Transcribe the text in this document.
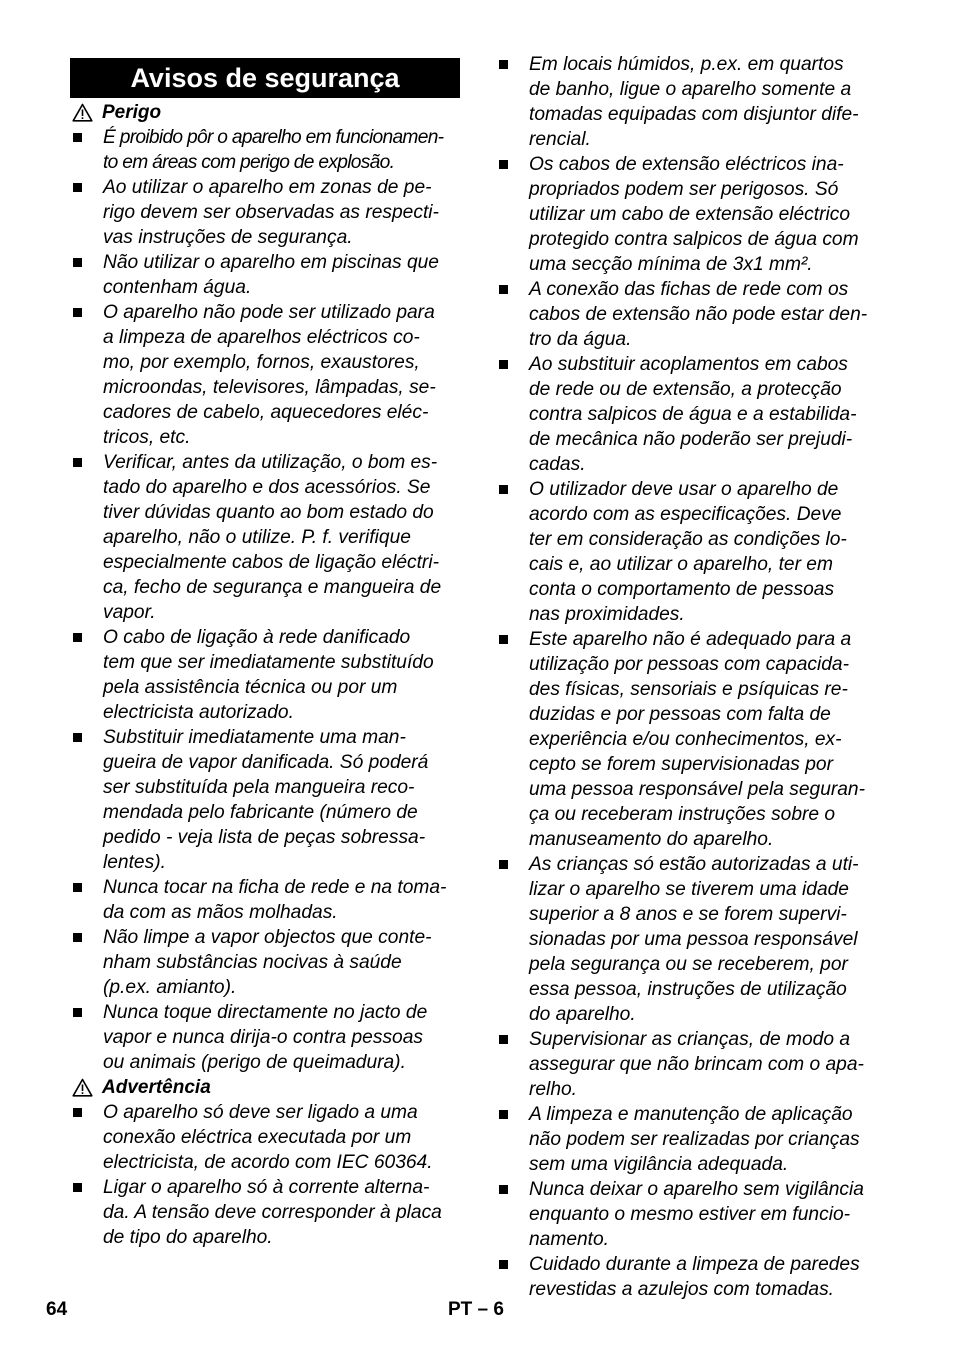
Avisos de segurança
Perigo
É proibido pôr o aparelho em funcionamen-
to em áreas com perigo de explosão.
Ao utilizar o aparelho em zonas de pe-
rigo devem ser observadas as respecti-
vas instruções de segurança.
Não utilizar o aparelho em piscinas que
contenham água.
O aparelho não pode ser utilizado para
a limpeza de aparelhos eléctricos co-
mo, por exemplo, fornos, exaustores,
microondas, televisores, lâmpadas, se-
cadores de cabelo, aquecedores eléc-
tricos, etc.
Verificar, antes da utilização, o bom es-
tado do aparelho e dos acessórios. Se
tiver dúvidas quanto ao bom estado do
aparelho, não o utilize. P. f. verifique
especialmente cabos de ligação eléctri-
ca, fecho de segurança e mangueira de
vapor.
O cabo de ligação à rede danificado
tem que ser imediatamente substituído
pela assistência técnica ou por um
electricista autorizado.
Substituir imediatamente uma man-
gueira de vapor danificada. Só poderá
ser substituída pela mangueira reco-
mendada pelo fabricante (número de
pedido - veja lista de peças sobressa-
lentes).
Nunca tocar na ficha de rede e na toma-
da com as mãos molhadas.
Não limpe a vapor objectos que conte-
nham substâncias nocivas à saúde
(p.ex. amianto).
Nunca toque directamente no jacto de
vapor e nunca dirija-o contra pessoas
ou animais (perigo de queimadura).
Advertência
O aparelho só deve ser ligado a uma
conexão eléctrica executada por um
electricista, de acordo com IEC 60364.
Ligar o aparelho só à corrente alterna-
da. A tensão deve corresponder à placa
de tipo do aparelho.
Em locais húmidos, p.ex. em quartos
de banho, ligue o aparelho somente a
tomadas equipadas com disjuntor dife-
rencial.
Os cabos de extensão eléctricos ina-
propriados podem ser perigosos. Só
utilizar um cabo de extensão eléctrico
protegido contra salpicos de água com
uma secção mínima de 3x1 mm².
A conexão das fichas de rede com os
cabos de extensão não pode estar den-
tro da água.
Ao substituir acoplamentos em cabos
de rede ou de extensão, a protecção
contra salpicos de água e a estabilida-
de mecânica não poderão ser prejudi-
cadas.
O utilizador deve usar o aparelho de
acordo com as especificações. Deve
ter em consideração as condições lo-
cais e, ao utilizar o aparelho, ter em
conta o comportamento de pessoas
nas proximidades.
Este aparelho não é adequado para a
utilização por pessoas com capacida-
des físicas, sensoriais e psíquicas re-
duzidas e por pessoas com falta de
experiência e/ou conhecimentos, ex-
cepto se forem supervisionadas por
uma pessoa responsável pela seguran-
ça ou receberam instruções sobre o
manuseamento do aparelho.
As crianças só estão autorizadas a uti-
lizar o aparelho se tiverem uma idade
superior a 8 anos e se forem supervi-
sionadas por uma pessoa responsável
pela segurança ou se receberem, por
essa pessoa, instruções de utilização
do aparelho.
Supervisionar as crianças, de modo a
assegurar que não brincam com o apa-
relho.
A limpeza e manutenção de aplicação
não podem ser realizadas por crianças
sem uma vigilância adequada.
Nunca deixar o aparelho sem vigilância
enquanto o mesmo estiver em funcio-
namento.
Cuidado durante a limpeza de paredes
revestidas a azulejos com tomadas.
64	PT – 6
